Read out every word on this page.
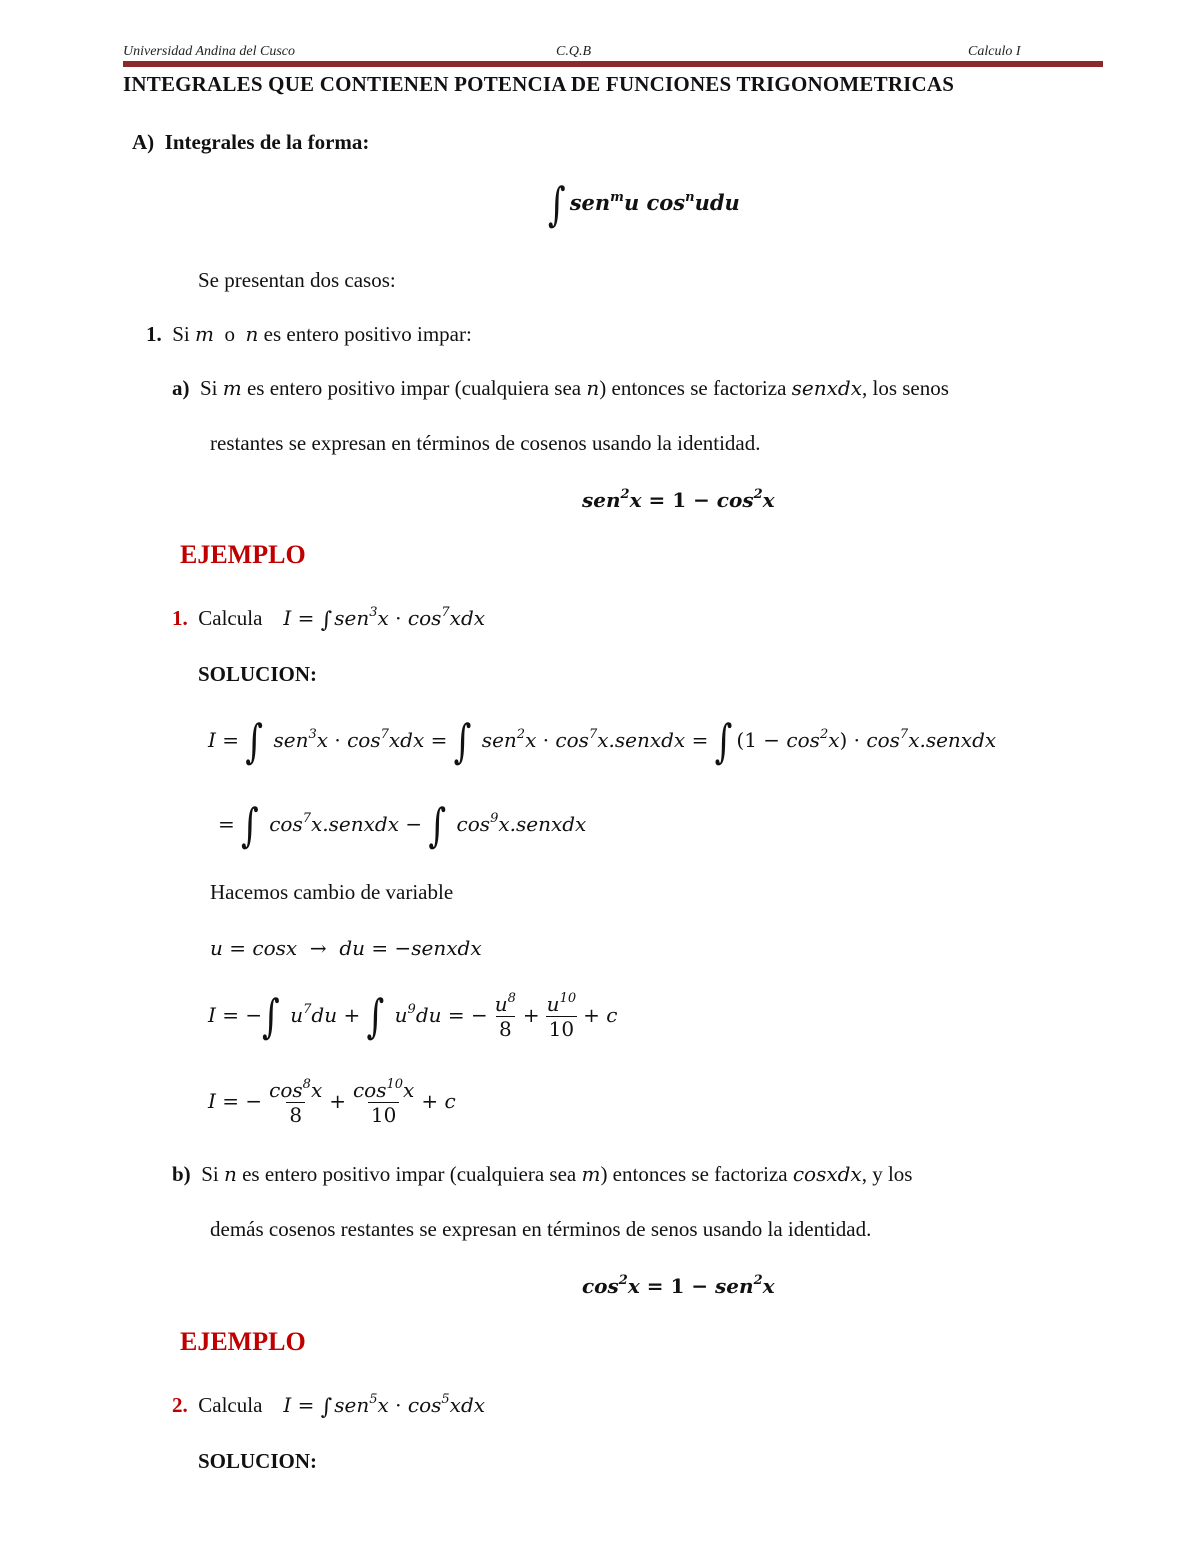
Universidad Andina del Cusco	C.Q.B	Calculo I
INTEGRALES QUE CONTIENEN POTENCIA DE FUNCIONES TRIGONOMETRICAS
A) Integrales de la forma:
∫ sen$^m$u $\cos^nudu$
Se presentan dos casos:
1. Si m  o  n es entero positivo impar:
a)  Si m es entero positivo impar (cualquiera sea n) entonces se factoriza senxdx, los senos
restantes se expresan en términos de cosenos usando la identidad.
$sen^2x = 1 - \cos^2x$
EJEMPLO
1. Calcula I = ∫ $sen^3x \cdot \cos^7xdx$
SOLUCION:
I = ∫ $sen^3x \cdot \cos^7xdx$ = ∫ $sen^2x \cdot \cos^7x.senxdx$ = ∫ $(1 - \cos^2x)$ · $\cos^7x.senxdx$
= ∫ $\cos^7x.senxdx$ − ∫ $\cos^9x.senxdx$
Hacemos cambio de variable
u = cosx  →  du = −senxdx
I = −∫ $u^7du$ + ∫ $u^9du$ = − $\frac{u^8}{8} + \frac{u^{10}}{10} + c$
I = − $\frac{\cos^8x}{8} + \frac{\cos^{10}x}{10} + c$
b)  Si n es entero positivo impar (cualquiera sea m) entonces se factoriza cosxdx, y los
demás cosenos restantes se expresan en términos de senos usando la identidad.
$\cos^2x = 1 - sen^2x$
EJEMPLO
2. Calcula I = ∫ $sen^5x \cdot \cos^5xdx$
SOLUCION:
